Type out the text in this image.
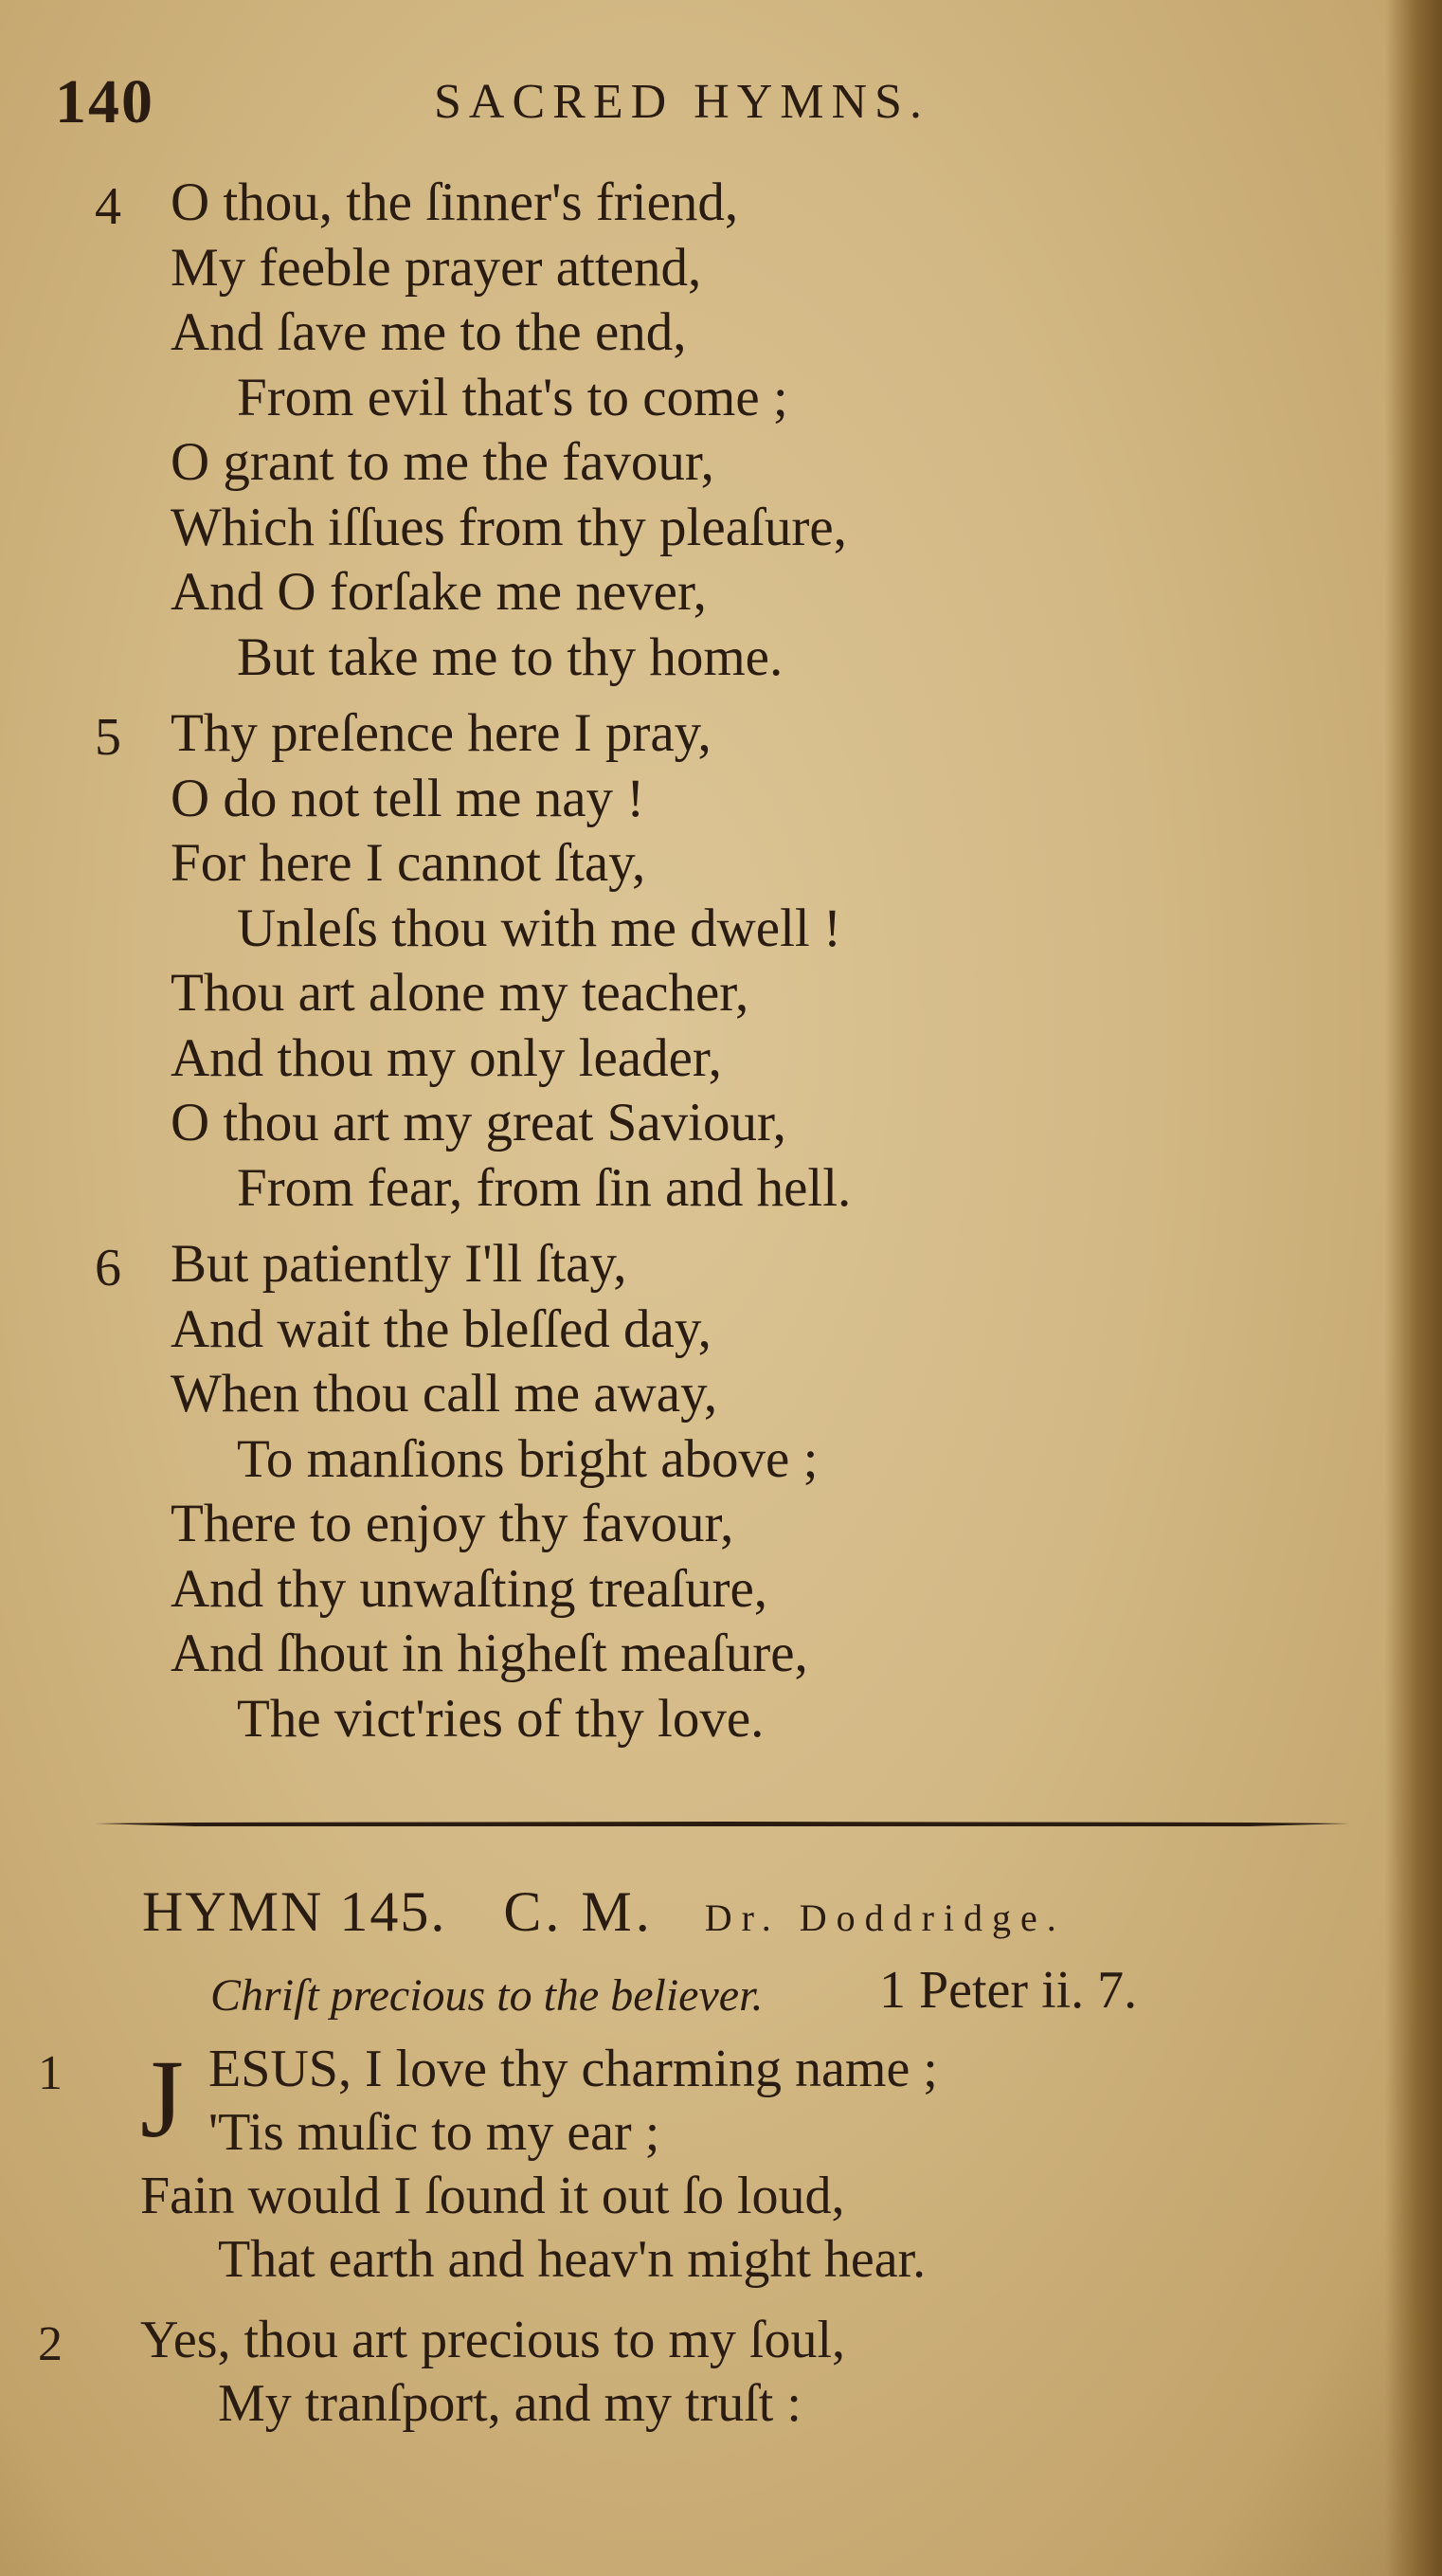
140	SACRED HYMNS.
4 O thou, the ſinner's friend,
My feeble prayer attend,
And ſave me to the end,
From evil that's to come ;
O grant to me the favour,
Which iſſues from thy pleaſure,
And O forſake me never,
But take me to thy home.
5 Thy preſence here I pray,
O do not tell me nay !
For here I cannot ſtay,
Unleſs thou with me dwell !
Thou art alone my teacher,
And thou my only leader,
O thou art my great Saviour,
From fear, from ſin and hell.
6 But patiently I'll ſtay,
And wait the bleſſed day,
When thou call me away,
To manſions bright above ;
There to enjoy thy favour,
And thy unwaſting treaſure,
And ſhout in higheſt meaſure,
The vict'ries of thy love.
HYMN 145. C. M. Dr. Doddridge.
Chriſt precious to the believer. 1 Peter ii. 7.
1 J ESUS, I love thy charming name ;
'Tis muſic to my ear ;
Fain would I ſound it out ſo loud,
That earth and heav'n might hear.
2 Yes, thou art precious to my ſoul,
My tranſport, and my truſt :
